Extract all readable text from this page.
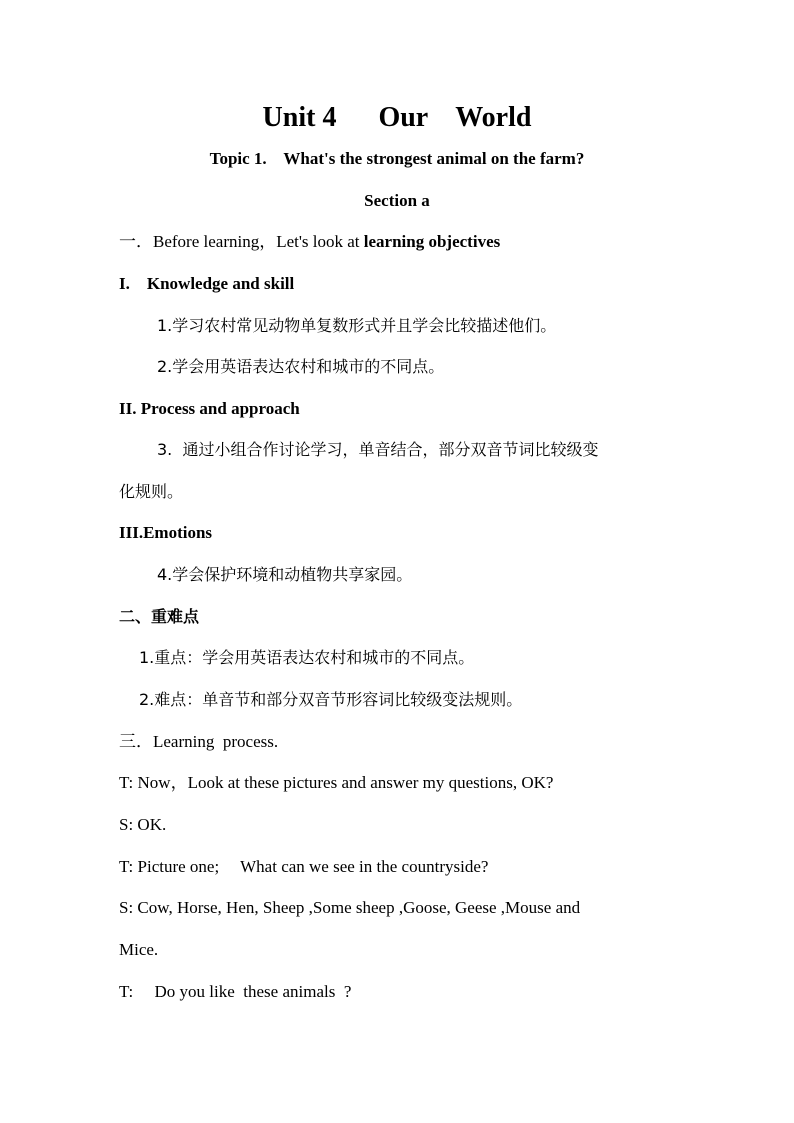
Unit 4      Our    World
Topic 1.    What's the strongest animal on the farm?
Section a
一．Before learning，Let's look at learning objectives
I.    Knowledge and skill
1.学习农村常见动物单复数形式并且学会比较描述他们。
2.学会用英语表达农村和城市的不同点。
II. Process and approach
3.  通过小组合作讨论学习，单音结合，部分双音节词比较级变
化规则。
III.Emotions
4.学会保护环境和动植物共享家园。
二、重难点
1.重点：学会用英语表达农村和城市的不同点。
2.难点：单音节和部分双音节形容词比较级变法规则。
三．Learning  process.
T: Now，Look at these pictures and answer my questions, OK?
S: OK.
T: Picture one;     What can we see in the countryside?
S: Cow, Horse, Hen, Sheep ,Some sheep ,Goose, Geese ,Mouse and
Mice.
T:     Do you like  these animals  ?
